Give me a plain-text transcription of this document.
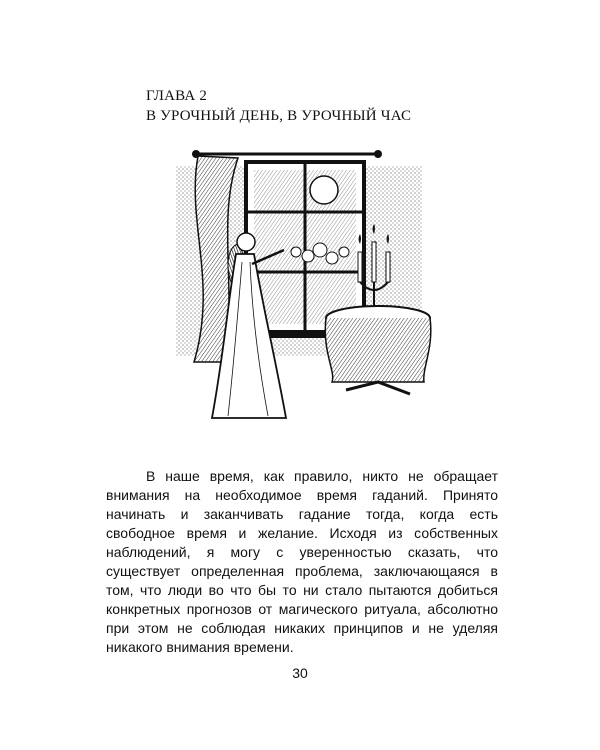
ГЛАВА 2
В УРОЧНЫЙ ДЕНЬ, В УРОЧНЫЙ ЧАС

В наше время, как правило, никто не обращает внимания на необходимое время гаданий. Принято начинать и заканчивать гадание тогда, когда есть свободное время и желание. Исходя из собственных наблюдений, я могу с уверенностью сказать, что существует определенная проблема, заключающаяся в том, что люди во что бы то ни стало пытаются добиться конкретных прогнозов от магического ритуала, абсолютно при этом не соблюдая никаких принципов и не уделяя никакого внимания времени.

30
